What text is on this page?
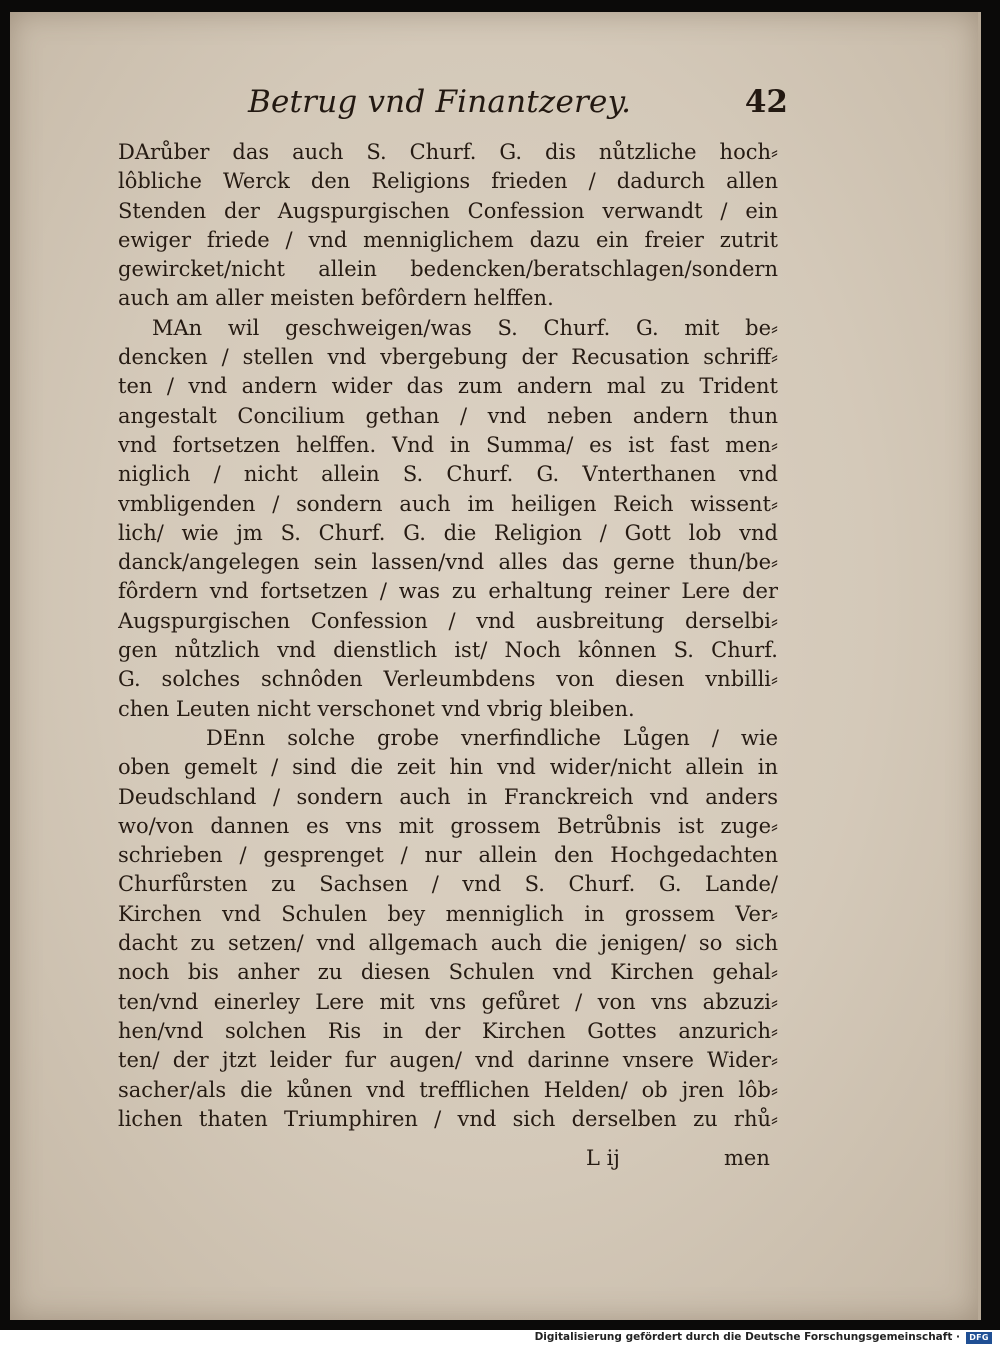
Betrug vnd Finantzerey.	42
DArůber das auch S. Churf. G. dis nůtzliche hoch⸗
lôbliche Werck den Religions frieden / dadurch allen
Stenden der Augspurgischen Confession verwandt / ein
ewiger friede / vnd menniglichem dazu ein freier zutrit
gewircket/nicht allein bedencken/beratschlagen/sondern
auch am aller meisten befôrdern helffen.
MAn wil geschweigen/was S. Churf. G. mit be⸗
dencken / stellen vnd vbergebung der Recusation schriff⸗
ten / vnd andern wider das zum andern mal zu Trident
angestalt Concilium gethan / vnd neben andern thun
vnd fortsetzen helffen. Vnd in Summa/ es ist fast men⸗
niglich / nicht allein S. Churf. G. Vnterthanen vnd
vmbligenden / sondern auch im heiligen Reich wissent⸗
lich/ wie jm S. Churf. G. die Religion / Gott lob vnd
danck/angelegen sein lassen/vnd alles das gerne thun/be⸗
fôrdern vnd fortsetzen / was zu erhaltung reiner Lere der
Augspurgischen Confession / vnd ausbreitung derselbi⸗
gen nůtzlich vnd dienstlich ist/ Noch kônnen S. Churf.
G. solches schnôden Verleumbdens von diesen vnbilli⸗
chen Leuten nicht verschonet vnd vbrig bleiben.
DEnn solche grobe vnerfindliche Lůgen / wie
oben gemelt / sind die zeit hin vnd wider/nicht allein in
Deudschland / sondern auch in Franckreich vnd anders
wo/von dannen es vns mit grossem Betrůbnis ist zuge⸗
schrieben / gesprenget / nur allein den Hochgedachten
Churfůrsten zu Sachsen / vnd S. Churf. G. Lande/
Kirchen vnd Schulen bey menniglich in grossem Ver⸗
dacht zu setzen/ vnd allgemach auch die jenigen/ so sich
noch bis anher zu diesen Schulen vnd Kirchen gehal⸗
ten/vnd einerley Lere mit vns gefůret / von vns abzuzi⸗
hen/vnd solchen Ris in der Kirchen Gottes anzurich⸗
ten/ der jtzt leider fur augen/ vnd darinne vnsere Wider⸗
sacher/als die kůnen vnd trefflichen Helden/ ob jren lôb⸗
lichen thaten Triumphiren / vnd sich derselben zu rhů⸗
L ij	men
Digitalisierung gefördert durch die Deutsche Forschungsgemeinschaft ·	DFG
